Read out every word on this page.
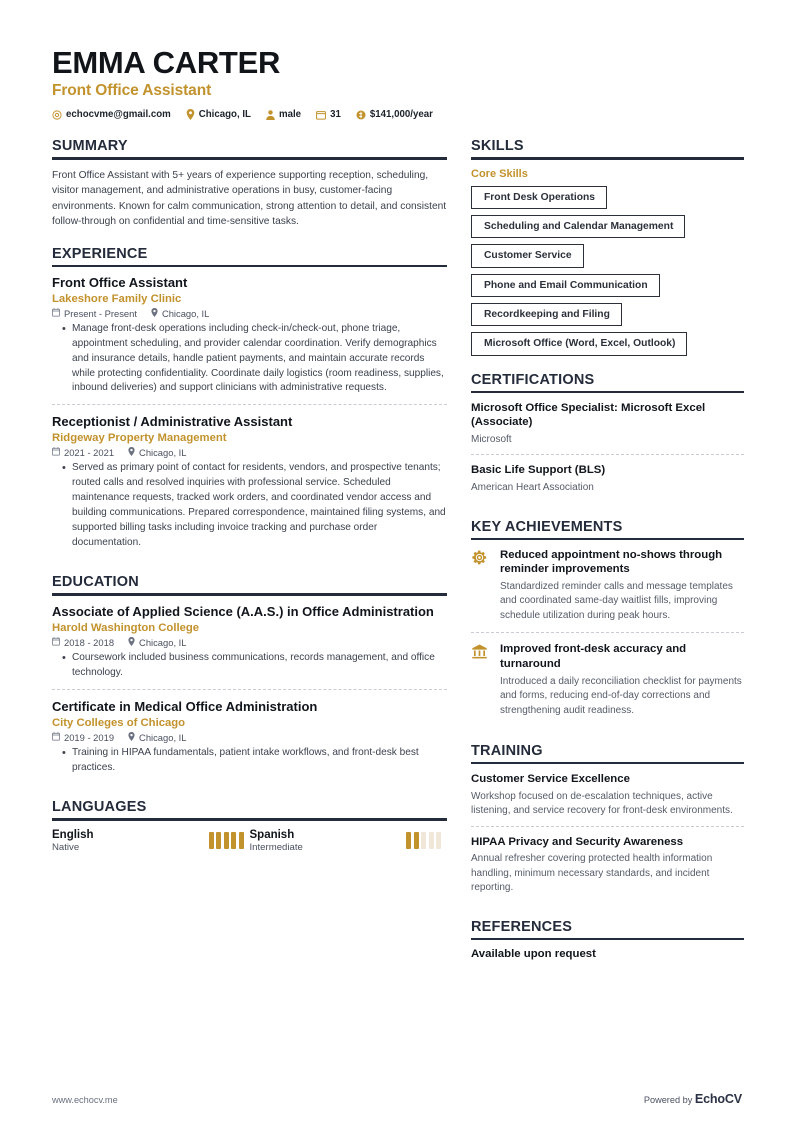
EMMA CARTER
Front Office Assistant
echocvme@gmail.com	Chicago, IL	male	31	$141,000/year
SUMMARY
Front Office Assistant with 5+ years of experience supporting reception, scheduling, visitor management, and administrative operations in busy, customer-facing environments. Known for calm communication, strong attention to detail, and consistent follow-through on confidential and time-sensitive tasks.
EXPERIENCE
Front Office Assistant
Lakeshore Family Clinic
Present - Present	Chicago, IL
• Manage front-desk operations including check-in/check-out, phone triage, appointment scheduling, and provider calendar coordination. Verify demographics and insurance details, handle patient payments, and maintain accurate records while protecting confidentiality. Coordinate daily logistics (room readiness, supplies, inbound deliveries) and support clinicians with administrative requests.
Receptionist / Administrative Assistant
Ridgeway Property Management
2021 - 2021	Chicago, IL
• Served as primary point of contact for residents, vendors, and prospective tenants; routed calls and resolved inquiries with professional service. Scheduled maintenance requests, tracked work orders, and coordinated vendor access and building communications. Prepared correspondence, maintained filing systems, and supported billing tasks including invoice tracking and purchase order documentation.
EDUCATION
Associate of Applied Science (A.A.S.) in Office Administration
Harold Washington College
2018 - 2018	Chicago, IL
• Coursework included business communications, records management, and office technology.
Certificate in Medical Office Administration
City Colleges of Chicago
2019 - 2019	Chicago, IL
• Training in HIPAA fundamentals, patient intake workflows, and front-desk best practices.
LANGUAGES
English
Native
Spanish
Intermediate
SKILLS
Core Skills
Front Desk Operations
Scheduling and Calendar Management
Customer Service
Phone and Email Communication
Recordkeeping and Filing
Microsoft Office (Word, Excel, Outlook)
CERTIFICATIONS
Microsoft Office Specialist: Microsoft Excel (Associate)
Microsoft
Basic Life Support (BLS)
American Heart Association
KEY ACHIEVEMENTS
Reduced appointment no-shows through reminder improvements
Standardized reminder calls and message templates and coordinated same-day waitlist fills, improving schedule utilization during peak hours.
Improved front-desk accuracy and turnaround
Introduced a daily reconciliation checklist for payments and forms, reducing end-of-day corrections and strengthening audit readiness.
TRAINING
Customer Service Excellence
Workshop focused on de-escalation techniques, active listening, and service recovery for front-desk environments.
HIPAA Privacy and Security Awareness
Annual refresher covering protected health information handling, minimum necessary standards, and incident reporting.
REFERENCES
Available upon request
www.echocv.me	Powered by EchoCV
